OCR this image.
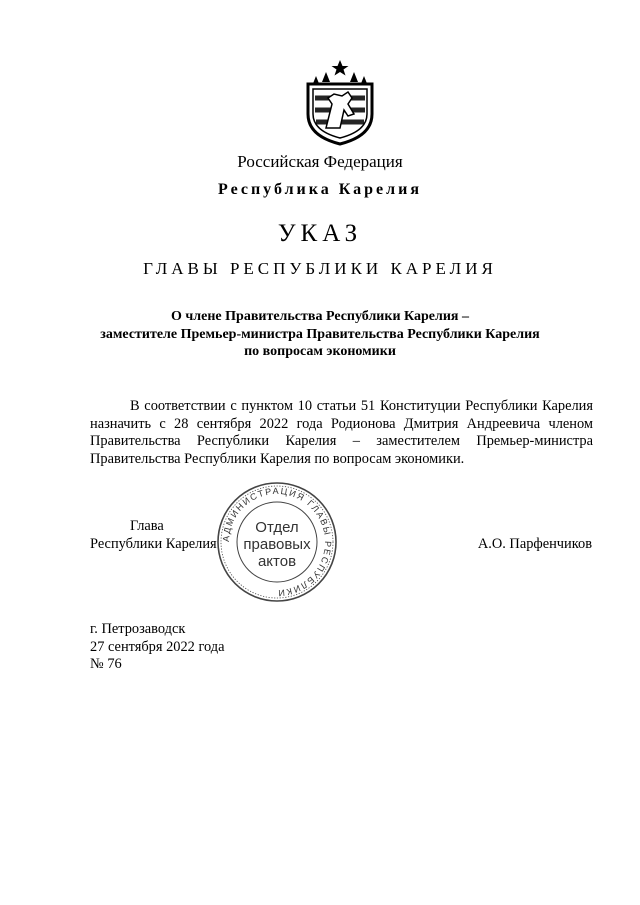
Российская Федерация
Республика Карелия
УКАЗ
ГЛАВЫ РЕСПУБЛИКИ КАРЕЛИЯ
О члене Правительства Республики Карелия –
заместителе Премьер-министра Правительства Республики Карелия
по вопросам экономики

В соответствии с пунктом 10 статьи 51 Конституции Республики Карелия назначить с 28 сентября 2022 года Родионова Дмитрия Андреевича членом Правительства Республики Карелия – заместителем Премьер-министра Правительства Республики Карелия по вопросам экономики.

Глава
Республики Карелия АДМИНИСТРАЦИЯ ГЛАВЫ РЕСПУБЛИКИ
Отдел
правовых
актов
А.О. Парфенчиков
г. Петрозаводск
27 сентября 2022 года
№ 76
